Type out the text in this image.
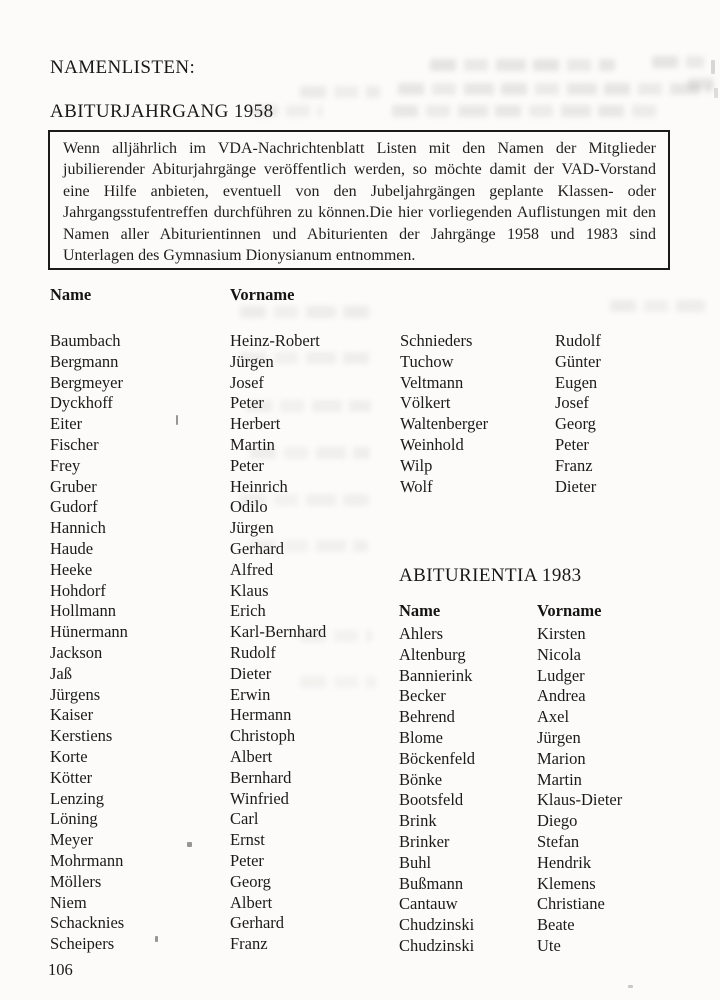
NAMENLISTEN:
ABITURJAHRGANG 1958

Wenn alljährlich im VDA-Nachrichtenblatt Listen mit den Namen der Mitglieder jubilierender Abiturjahrgänge veröffentlich werden, so möchte damit der VAD-Vorstand eine Hilfe anbieten, eventuell von den Jubeljahrgängen geplante Klassen- oder Jahrgangsstufentreffen durchführen zu können.Die hier vorliegenden Auflistungen mit den Namen aller Abiturientinnen und Abiturienten der Jahrgänge 1958 und 1983 sind Unterlagen des Gymnasium Dionysianum entnommen.

Name	Vorname
Baumbach	Heinz-Robert
Bergmann	Jürgen
Bergmeyer	Josef
Dyckhoff	Peter
Eiter	Herbert
Fischer	Martin
Frey	Peter
Gruber	Heinrich
Gudorf	Odilo
Hannich	Jürgen
Haude	Gerhard
Heeke	Alfred
Hohdorf	Klaus
Hollmann	Erich
Hünermann	Karl-Bernhard
Jackson	Rudolf
Jaß	Dieter
Jürgens	Erwin
Kaiser	Hermann
Kerstiens	Christoph
Korte	Albert
Kötter	Bernhard
Lenzing	Winfried
Löning	Carl
Meyer	Ernst
Mohrmann	Peter
Möllers	Georg
Niem	Albert
Schacknies	Gerhard
Scheipers	Franz
Schnieders	Rudolf
Tuchow	Günter
Veltmann	Eugen
Völkert	Josef
Waltenberger	Georg
Weinhold	Peter
Wilp	Franz
Wolf	Dieter
ABITURIENTIA 1983
Name	Vorname
Ahlers	Kirsten
Altenburg	Nicola
Bannierink	Ludger
Becker	Andrea
Behrend	Axel
Blome	Jürgen
Böckenfeld	Marion
Bönke	Martin
Bootsfeld	Klaus-Dieter
Brink	Diego
Brinker	Stefan
Buhl	Hendrik
Bußmann	Klemens
Cantauw	Christiane
Chudzinski	Beate
Chudzinski	Ute
106
